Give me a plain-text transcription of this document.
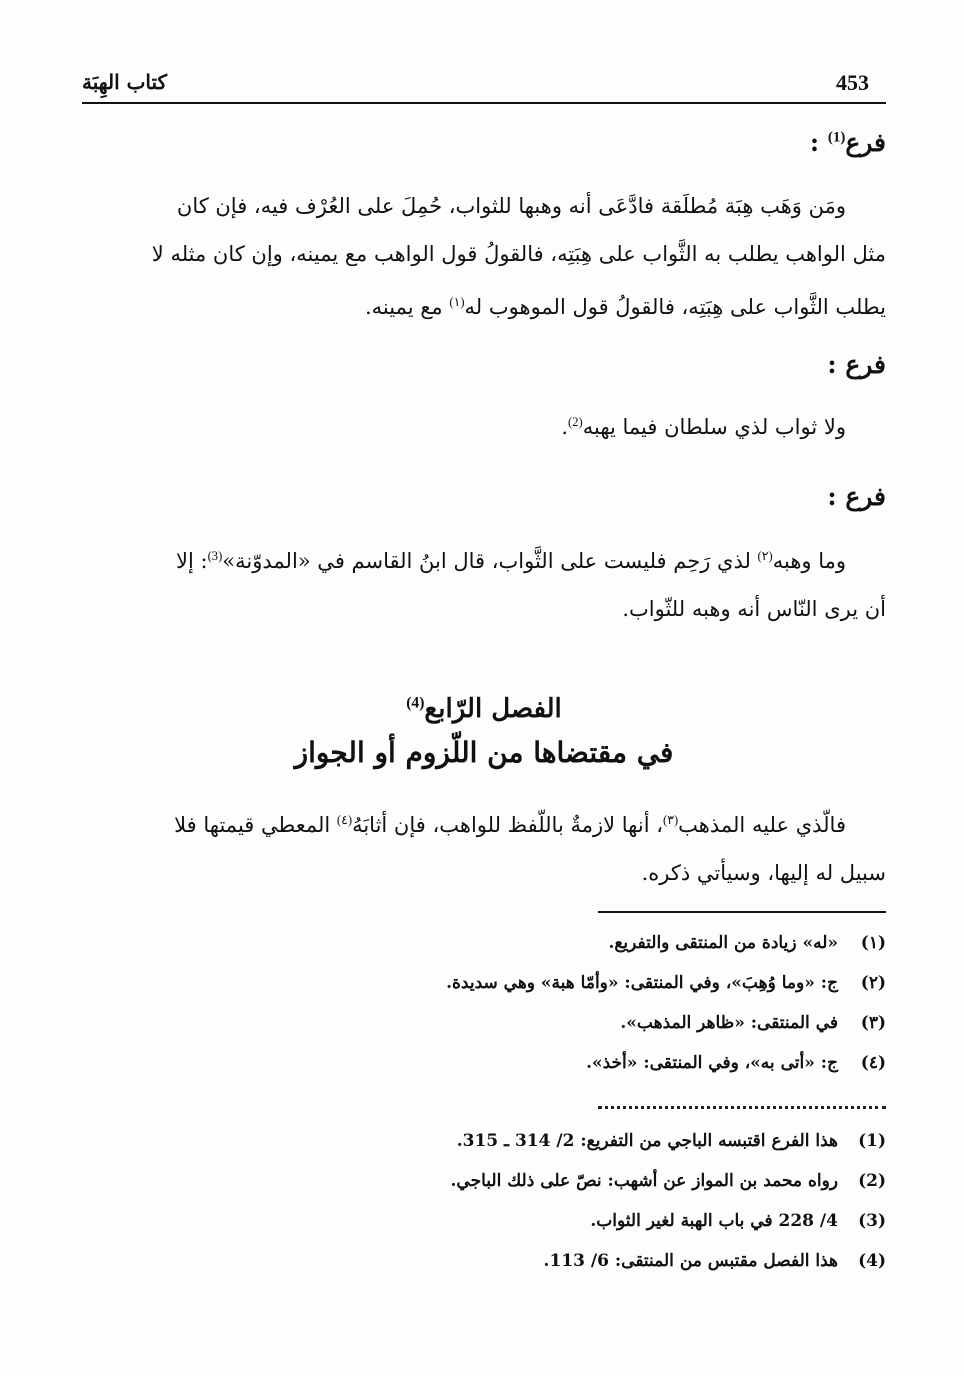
453
كتاب الهِبَة
فرع$^{(1)}$ :
ومَن وَهَب هِبَة مُطلَقة فادَّعَى أنه وهبها للثواب، حُمِلَ على العُرْف فيه، فإن كان
مثل الواهب يطلب به الثَّواب على هِبَتِه، فالقولُ قول الواهب مع يمينه، وإن كان مثله لا
يطلب الثَّواب على هِبَتِه، فالقولُ قول الموهوب له$^{(١)}$ مع يمينه.
فرع :
ولا ثواب لذي سلطان فيما يهبه$^{(2)}$.
فرع :
وما وهبه$^{(٢)}$ لذي رَحِم فليست على الثَّواب، قال ابنُ القاسم في «المدوّنة»$^{(3)}$: إلا
أن يرى النّاس أنه وهبه للثّواب.
الفصل الرّابع$^{(4)}$
في مقتضاها من اللّزوم أو الجواز
فالّذي عليه المذهب$^{(٣)}$، أنها لازمةٌ باللّفظ للواهب، فإن أثابَهُ$^{(٤)}$ المعطي قيمتها فلا
سبيل له إليها، وسيأتي ذكره.
(١)«له» زيادة من المنتقى والتفريع.
(٢)ج: «وما وُهِبَ»، وفي المنتقى: «وأمّا هبة» وهي سديدة.
(٣)في المنتقى: «ظاهر المذهب».
(٤)ج: «أتى به»، وفي المنتقى: «أخذ».
(1)هذا الفرع اقتبسه الباجي من التفريع: 2/ 314 ـ 315.
(2)رواه محمد بن المواز عن أشهب: نصّ على ذلك الباجي.
(3)4/ 228 في باب الهبة لغير الثواب.
(4)هذا الفصل مقتبس من المنتقى: 6/ 113.
